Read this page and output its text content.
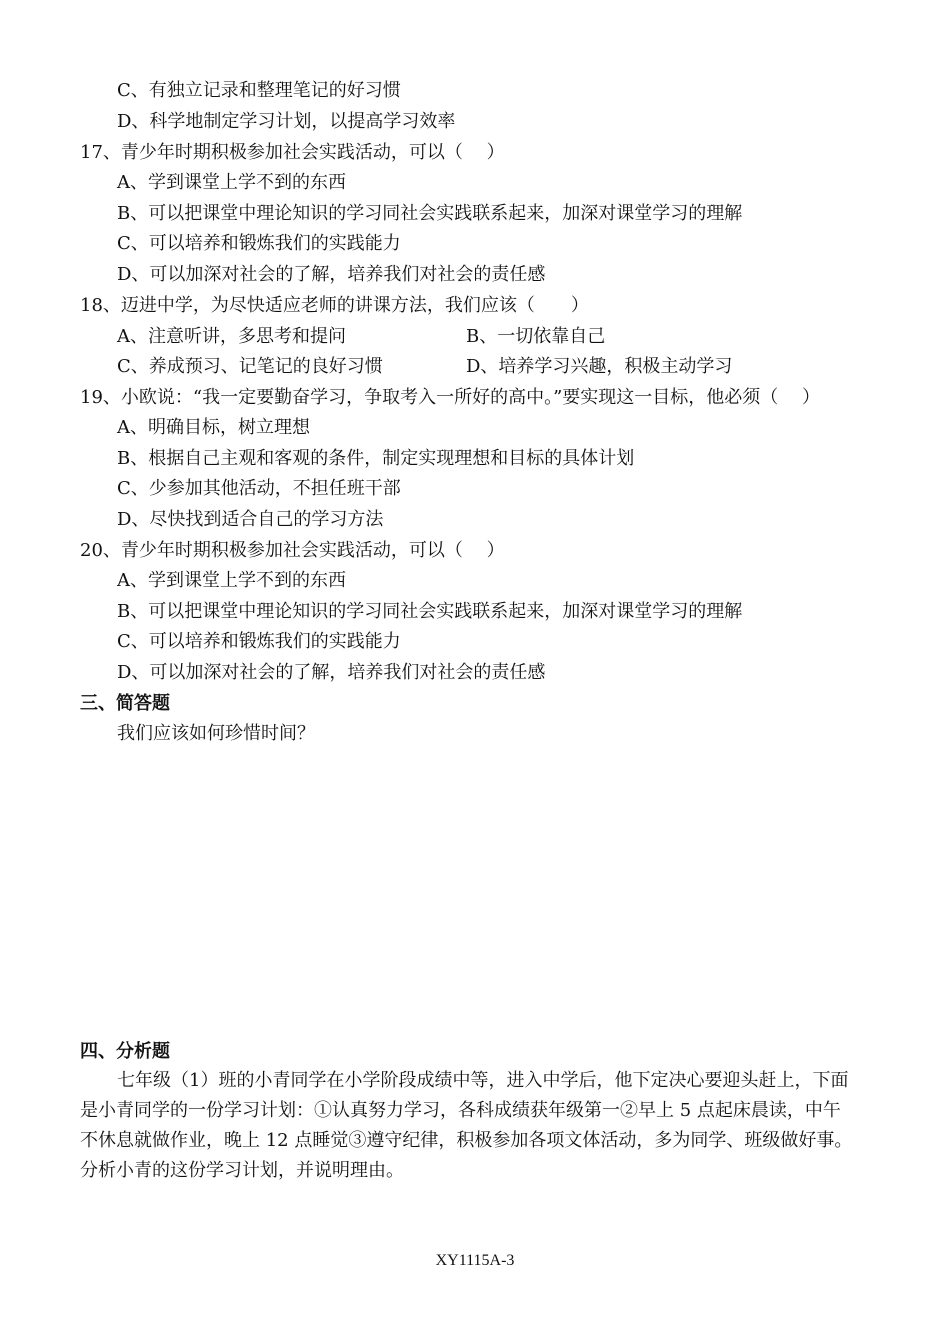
C、有独立记录和整理笔记的好习惯
D、科学地制定学习计划，以提高学习效率
17、青少年时期积极参加社会实践活动，可以（　 ）
A、学到课堂上学不到的东西
B、可以把课堂中理论知识的学习同社会实践联系起来，加深对课堂学习的理解
C、可以培养和锻炼我们的实践能力
D、可以加深对社会的了解，培养我们对社会的责任感
18、迈进中学，为尽快适应老师的讲课方法，我们应该（　　）
A、注意听讲，多思考和提问	B、一切依靠自己
C、养成预习、记笔记的良好习惯	D、培养学习兴趣，积极主动学习
19、小欧说：“我一定要勤奋学习，争取考入一所好的高中。”要实现这一目标，他必须（　 ）
A、明确目标，树立理想
B、根据自己主观和客观的条件，制定实现理想和目标的具体计划
C、少参加其他活动，不担任班干部
D、尽快找到适合自己的学习方法
20、青少年时期积极参加社会实践活动，可以（　 ）
A、学到课堂上学不到的东西
B、可以把课堂中理论知识的学习同社会实践联系起来，加深对课堂学习的理解
C、可以培养和锻炼我们的实践能力
D、可以加深对社会的了解，培养我们对社会的责任感
三、简答题
我们应该如何珍惜时间？
四、分析题
七年级（1）班的小青同学在小学阶段成绩中等，进入中学后，他下定决心要迎头赶上，下面
是小青同学的一份学习计划：①认真努力学习，各科成绩获年级第一②早上 5 点起床晨读，中午
不休息就做作业，晚上 12 点睡觉③遵守纪律，积极参加各项文体活动，多为同学、班级做好事。
分析小青的这份学习计划，并说明理由。
XY1115A-3
